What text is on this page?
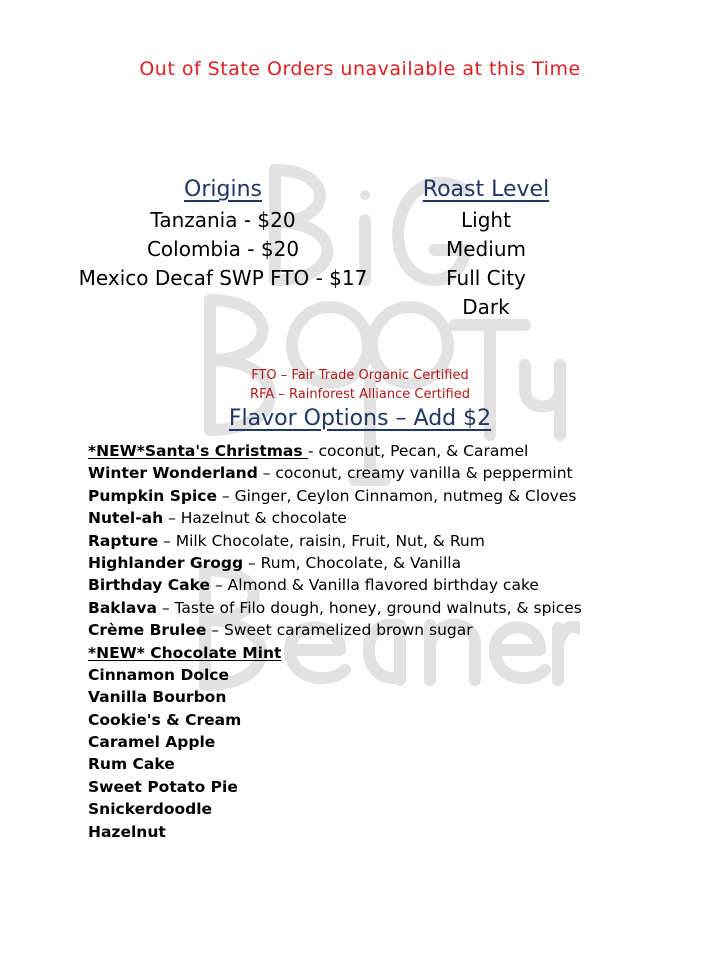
Out of State Orders unavailable at this Time
Origins
Tanzania - $20
Colombia - $20
Mexico Decaf SWP FTO - $17
Roast Level
Light
Medium
Full City
Dark
FTO – Fair Trade Organic Certified
RFA – Rainforest Alliance Certified
Flavor Options – Add $2
*NEW*Santa's Christmas - coconut, Pecan, & Caramel
Winter Wonderland – coconut, creamy vanilla & peppermint
Pumpkin Spice – Ginger, Ceylon Cinnamon, nutmeg & Cloves
Nutel-ah – Hazelnut & chocolate
Rapture – Milk Chocolate, raisin, Fruit, Nut, & Rum
Highlander Grogg – Rum, Chocolate, & Vanilla
Birthday Cake – Almond & Vanilla flavored birthday cake
Baklava – Taste of Filo dough, honey, ground walnuts, & spices
Crème Brulee – Sweet caramelized brown sugar
*NEW* Chocolate Mint
Cinnamon Dolce
Vanilla Bourbon
Cookie's & Cream
Caramel Apple
Rum Cake
Sweet Potato Pie
Snickerdoodle
Hazelnut
